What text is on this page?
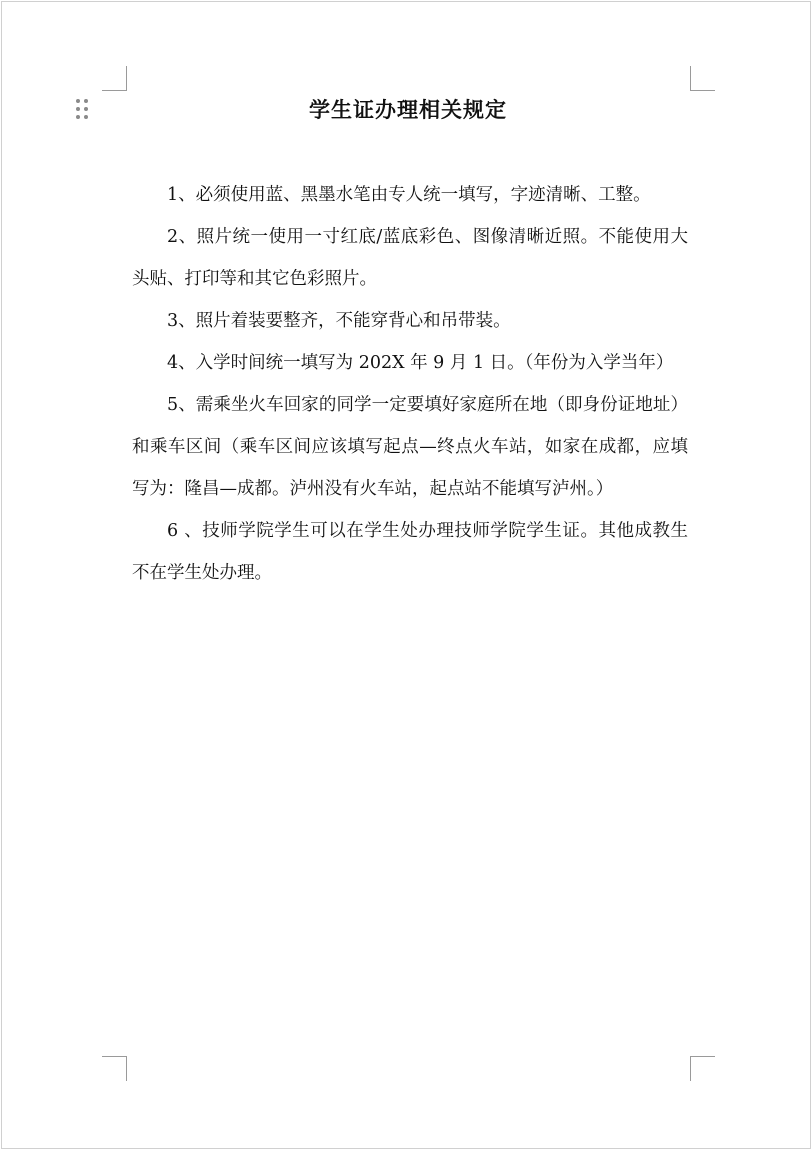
学生证办理相关规定

1、必须使用蓝、黑墨水笔由专人统一填写，字迹清晰、工整。

2、照片统一使用一寸红底/蓝底彩色、图像清晰近照。不能使用大头贴、打印等和其它色彩照片。

3、照片着装要整齐，不能穿背心和吊带装。

4、入学时间统一填写为 202X 年 9 月 1 日。（年份为入学当年）

5、需乘坐火车回家的同学一定要填好家庭所在地（即身份证地址）和乘车区间（乘车区间应该填写起点—终点火车站，如家在成都，应填写为：隆昌—成都。泸州没有火车站，起点站不能填写泸州。）

6 、技师学院学生可以在学生处办理技师学院学生证。其他成教生不在学生处办理。
